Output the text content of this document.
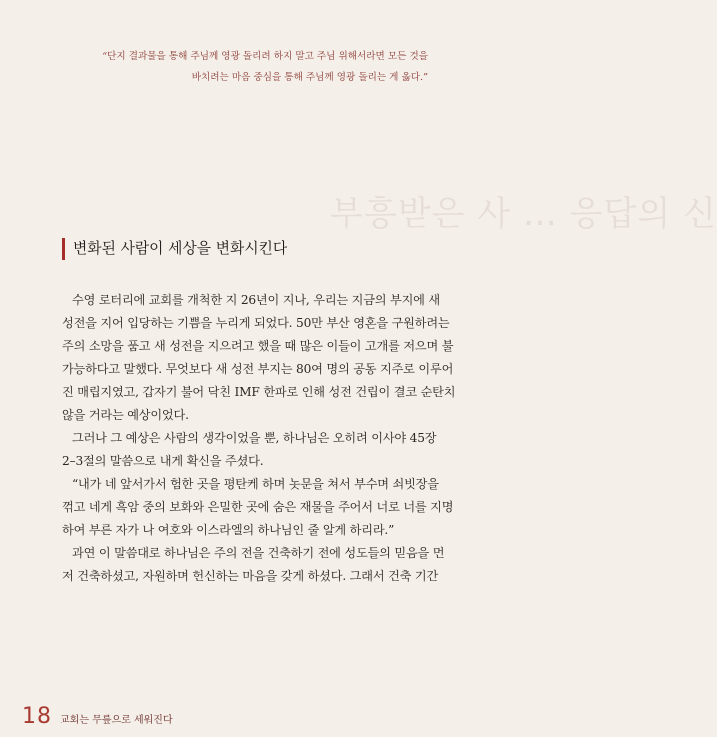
“단지 결과물을 통해 주님께 영광 돌리려 하지 말고 주님 위해서라면 모든 것을
바치려는 마음 중심을 통해 주님께 영광 돌리는 게 옳다.”
부흥받은 사 … 응답의 신
변화된 사람이 세상을 변화시킨다
수영 로터리에 교회를 개척한 지 26년이 지나, 우리는 지금의 부지에 새
성전을 지어 입당하는 기쁨을 누리게 되었다. 50만 부산 영혼을 구원하려는
주의 소망을 품고 새 성전을 지으려고 했을 때 많은 이들이 고개를 저으며 불
가능하다고 말했다. 무엇보다 새 성전 부지는 80여 명의 공동 지주로 이루어
진 매립지였고, 갑자기 불어 닥친 IMF 한파로 인해 성전 건립이 결코 순탄치
않을 거라는 예상이었다.
그러나 그 예상은 사람의 생각이었을 뿐, 하나님은 오히려 이사야 45장
2–3절의 말씀으로 내게 확신을 주셨다.
“내가 네 앞서가서 험한 곳을 평탄케 하며 놋문을 쳐서 부수며 쇠빗장을
꺾고 네게 흑암 중의 보화와 은밀한 곳에 숨은 재물을 주어서 너로 너를 지명
하여 부른 자가 나 여호와 이스라엘의 하나님인 줄 알게 하리라.”
과연 이 말씀대로 하나님은 주의 전을 건축하기 전에 성도들의 믿음을 먼
저 건축하셨고, 자원하며 헌신하는 마음을 갖게 하셨다. 그래서 건축 기간
18 교회는 무릎으로 세워진다
